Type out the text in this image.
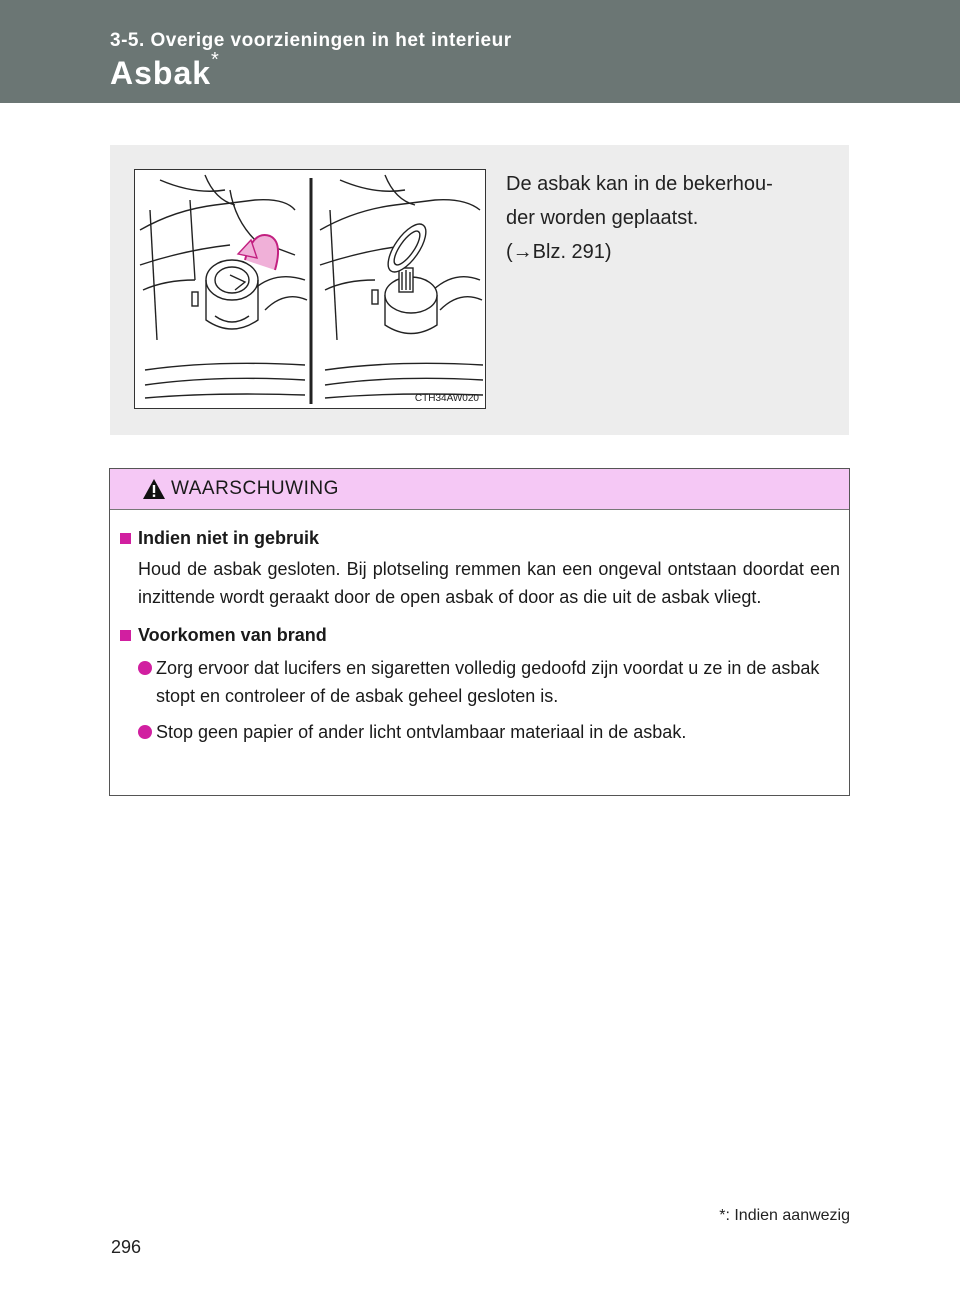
3-5. Overige voorzieningen in het interieur
Asbak*
CTH34AW020
De asbak kan in de bekerhou-
der worden geplaatst.
(→Blz. 291)
WAARSCHUWING
Indien niet in gebruik
Houd de asbak gesloten. Bij plotseling remmen kan een ongeval ontstaan doordat een inzittende wordt geraakt door de open asbak of door as die uit de asbak vliegt.
Voorkomen van brand
Zorg ervoor dat lucifers en sigaretten volledig gedoofd zijn voordat u ze in de asbak stopt en controleer of de asbak geheel gesloten is.
Stop geen papier of ander licht ontvlambaar materiaal in de asbak.
*: Indien aanwezig
296
